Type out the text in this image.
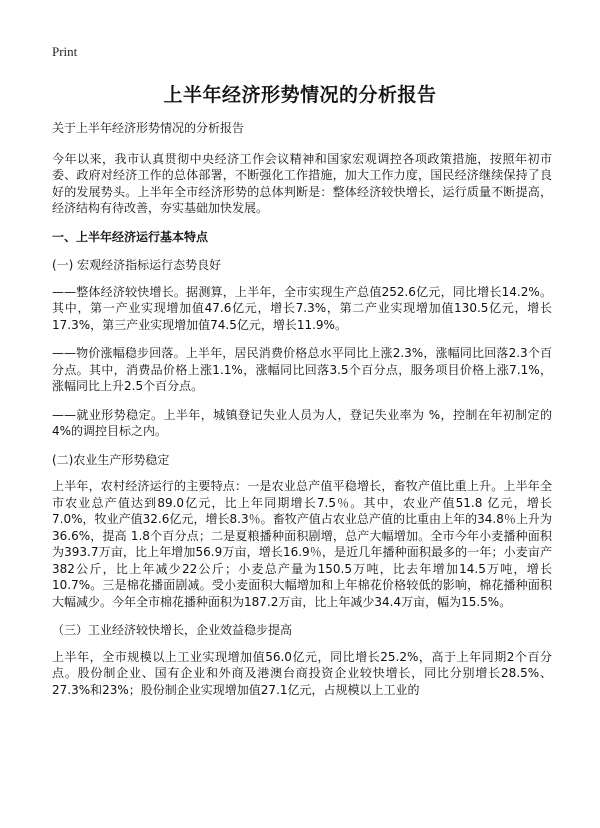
Print
上半年经济形势情况的分析报告

关于上半年经济形势情况的分析报告

今年以来，我市认真贯彻中央经济工作会议精神和国家宏观调控各项政策措施，按照年初市委、政府对经济工作的总体部署，不断强化工作措施，加大工作力度，国民经济继续保持了良好的发展势头。上半年全市经济形势的总体判断是：整体经济较快增长，运行质量不断提高，经济结构有待改善，夯实基础加快发展。

一、上半年经济运行基本特点

(一) 宏观经济指标运行态势良好

——整体经济较快增长。据测算，上半年，全市实现生产总值252.6亿元，同比增长14.2%。其中，第一产业实现增加值47.6亿元，增长7.3%，第二产业实现增加值130.5亿元，增长17.3%，第三产业实现增加值74.5亿元，增长11.9%。

——物价涨幅稳步回落。上半年，居民消费价格总水平同比上涨2.3%，涨幅同比回落2.3个百分点。其中，消费品价格上涨1.1%，涨幅同比回落3.5个百分点，服务项目价格上涨7.1%，涨幅同比上升2.5个百分点。

——就业形势稳定。上半年，城镇登记失业人员为人，登记失业率为 %，控制在年初制定的4%的调控目标之内。

(二)农业生产形势稳定

上半年，农村经济运行的主要特点：一是农业总产值平稳增长，畜牧产值比重上升。上半年全市农业总产值达到89.0亿元，比上年同期增长7.5％。其中，农业产值51.8 亿元，增长7.0%，牧业产值32.6亿元，增长8.3％。畜牧产值占农业总产值的比重由上年的34.8％上升为36.6%，提高 1.8个百分点；二是夏粮播种面积剧增，总产大幅增加。全市今年小麦播种面积为393.7万亩，比上年增加56.9万亩，增长16.9％，是近几年播种面积最多的一年；小麦亩产382公斤，比上年减少22公斤；小麦总产量为150.5万吨，比去年增加14.5万吨，增长10.7%。三是棉花播面剧减。受小麦面积大幅增加和上年棉花价格较低的影响，棉花播种面积大幅减少。今年全市棉花播种面积为187.2万亩，比上年减少34.4万亩，幅为15.5%。

（三）工业经济较快增长，企业效益稳步提高

上半年，全市规模以上工业实现增加值56.0亿元，同比增长25.2%，高于上年同期2个百分点。股份制企业、国有企业和外商及港澳台商投资企业较快增长，同比分别增长28.5%、27.3%和23%；股份制企业实现增加值27.1亿元，占规模以上工业的
